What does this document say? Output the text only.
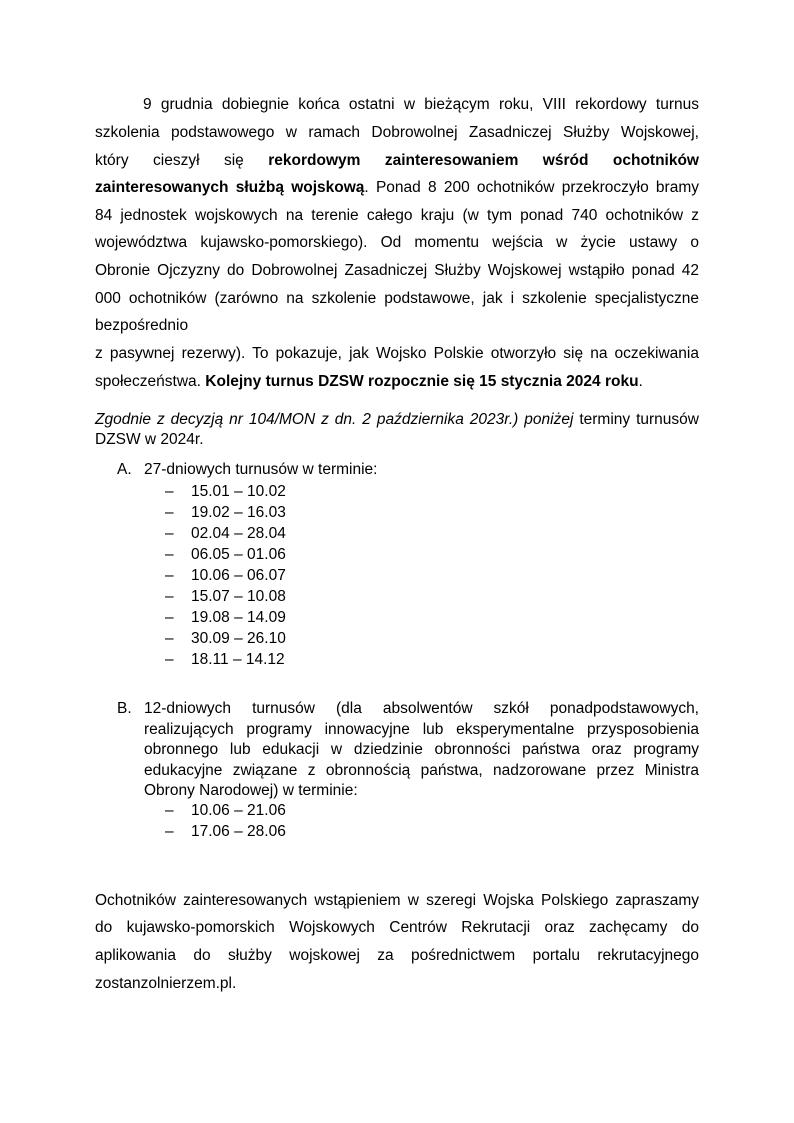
9 grudnia dobiegnie końca ostatni w bieżącym roku, VIII rekordowy turnus
szkolenia podstawowego w ramach Dobrowolnej Zasadniczej Służby Wojskowej,
który cieszył się rekordowym zainteresowaniem wśród ochotników
zainteresowanych służbą wojskową. Ponad 8 200 ochotników przekroczyło bramy
84 jednostek wojskowych na terenie całego kraju (w tym ponad 740 ochotników z
województwa kujawsko-pomorskiego). Od momentu wejścia w życie ustawy o
Obronie Ojczyzny do Dobrowolnej Zasadniczej Służby Wojskowej wstąpiło ponad 42
000 ochotników (zarówno na szkolenie podstawowe, jak i szkolenie specjalistyczne
bezpośrednio
z pasywnej rezerwy). To pokazuje, jak Wojsko Polskie otworzyło się na oczekiwania
społeczeństwa. Kolejny turnus DZSW rozpocznie się 15 stycznia 2024 roku.
Zgodnie z decyzją nr 104/MON z dn. 2 października 2023r.) poniżej terminy turnusów
DZSW w 2024r.
A. 27-dniowych turnusów w terminie:
– 15.01 – 10.02
– 19.02 – 16.03
– 02.04 – 28.04
– 06.05 – 01.06
– 10.06 – 06.07
– 15.07 – 10.08
– 19.08 – 14.09
– 30.09 – 26.10
– 18.11 – 14.12
B. 12-dniowych turnusów (dla absolwentów szkół ponadpodstawowych,
realizujących programy innowacyjne lub eksperymentalne przysposobienia
obronnego lub edukacji w dziedzinie obronności państwa oraz programy
edukacyjne związane z obronnością państwa, nadzorowane przez Ministra
Obrony Narodowej) w terminie:
– 10.06 – 21.06
– 17.06 – 28.06
Ochotników zainteresowanych wstąpieniem w szeregi Wojska Polskiego zapraszamy
do kujawsko-pomorskich Wojskowych Centrów Rekrutacji oraz zachęcamy do
aplikowania do służby wojskowej za pośrednictwem portalu rekrutacyjnego
zostanzolnierzem.pl.
